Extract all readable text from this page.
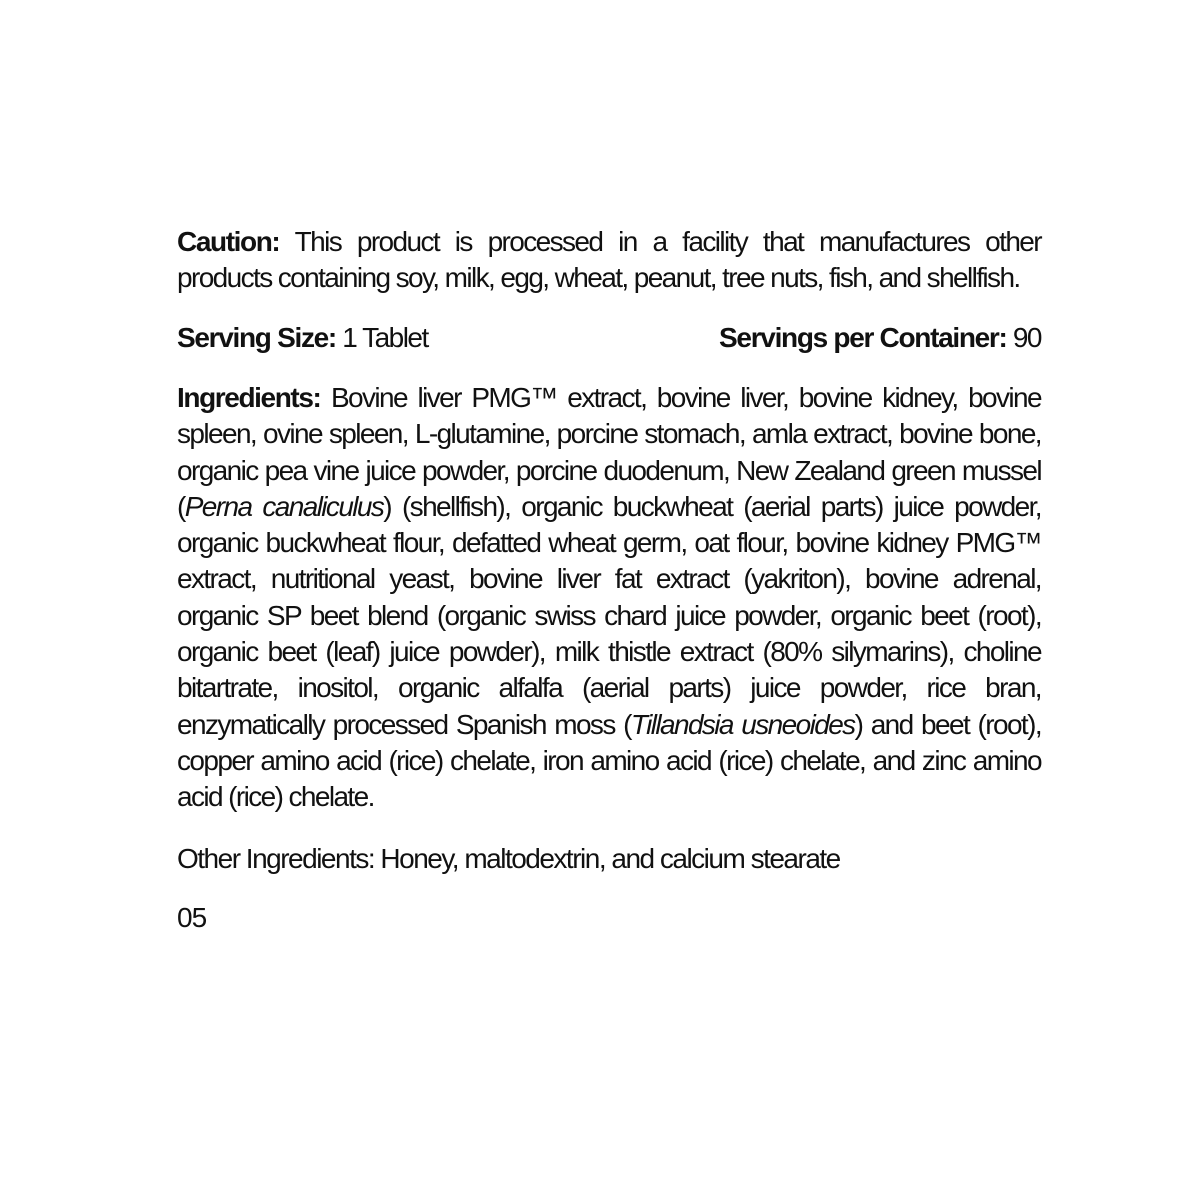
Caution: This product is processed in a facility that manufactures other products containing soy, milk, egg, wheat, peanut, tree nuts, fish, and shellfish.
Serving Size: 1 Tablet	Servings per Container: 90
Ingredients: Bovine liver PMG™ extract, bovine liver, bovine kidney, bovine spleen, ovine spleen, L-glutamine, porcine stomach, amla extract, bovine bone, organic pea vine juice powder, porcine duodenum, New Zealand green mussel (Perna canaliculus) (shellfish), organic buckwheat (aerial parts) juice powder, organic buckwheat flour, defatted wheat germ, oat flour, bovine kidney PMG™ extract, nutritional yeast, bovine liver fat extract (yakriton), bovine adrenal, organic SP beet blend (organic swiss chard juice powder, organic beet (root), organic beet (leaf) juice powder), milk thistle extract (80% silymarins), choline bitartrate, inositol, organic alfalfa (aerial parts) juice powder, rice bran, enzymatically processed Spanish moss (Tillandsia usneoides) and beet (root), copper amino acid (rice) chelate, iron amino acid (rice) chelate, and zinc amino acid (rice) chelate.
Other Ingredients: Honey, maltodextrin, and calcium stearate
05
